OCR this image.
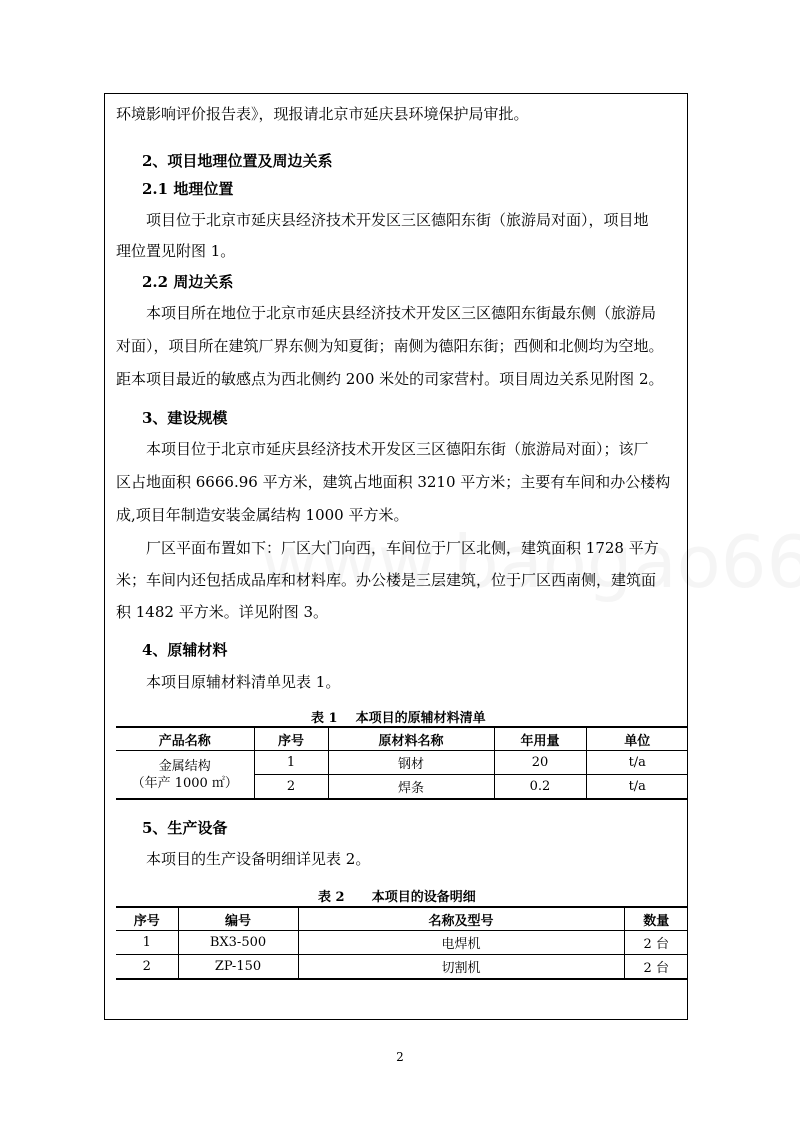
环境影响评价报告表》，现报请北京市延庆县环境保护局审批。
2、项目地理位置及周边关系
2.1 地理位置
项目位于北京市延庆县经济技术开发区三区德阳东街（旅游局对面），项目地
理位置见附图 1。
2.2 周边关系
本项目所在地位于北京市延庆县经济技术开发区三区德阳东街最东侧（旅游局
对面），项目所在建筑厂界东侧为知夏街；南侧为德阳东街；西侧和北侧均为空地。
距本项目最近的敏感点为西北侧约 200 米处的司家营村。项目周边关系见附图 2。
3、建设规模
本项目位于北京市延庆县经济技术开发区三区德阳东街（旅游局对面）；该厂
区占地面积 6666.96 平方米，建筑占地面积 3210 平方米；主要有车间和办公楼构
成,项目年制造安装金属结构 1000 平方米。
厂区平面布置如下：厂区大门向西，车间位于厂区北侧，建筑面积 1728 平方
米；车间内还包括成品库和材料库。办公楼是三层建筑，位于厂区西南侧，建筑面
积 1482 平方米。详见附图 3。
4、原辅材料
本项目原辅材料清单见表 1。
表 1    本项目的原辅材料清单
产品名称	序号	原材料名称	年用量	单位

金属结构
（年产 1000 ㎡）	1	钢材	20	t/a
	2	焊条	0.2	t/a
5、生产设备
本项目的生产设备明细详见表 2。
表 2      本项目的设备明细
序号	编号	名称及型号	数量
1	BX3-500	电焊机	2 台
2	ZP-150	切割机	2 台
2
